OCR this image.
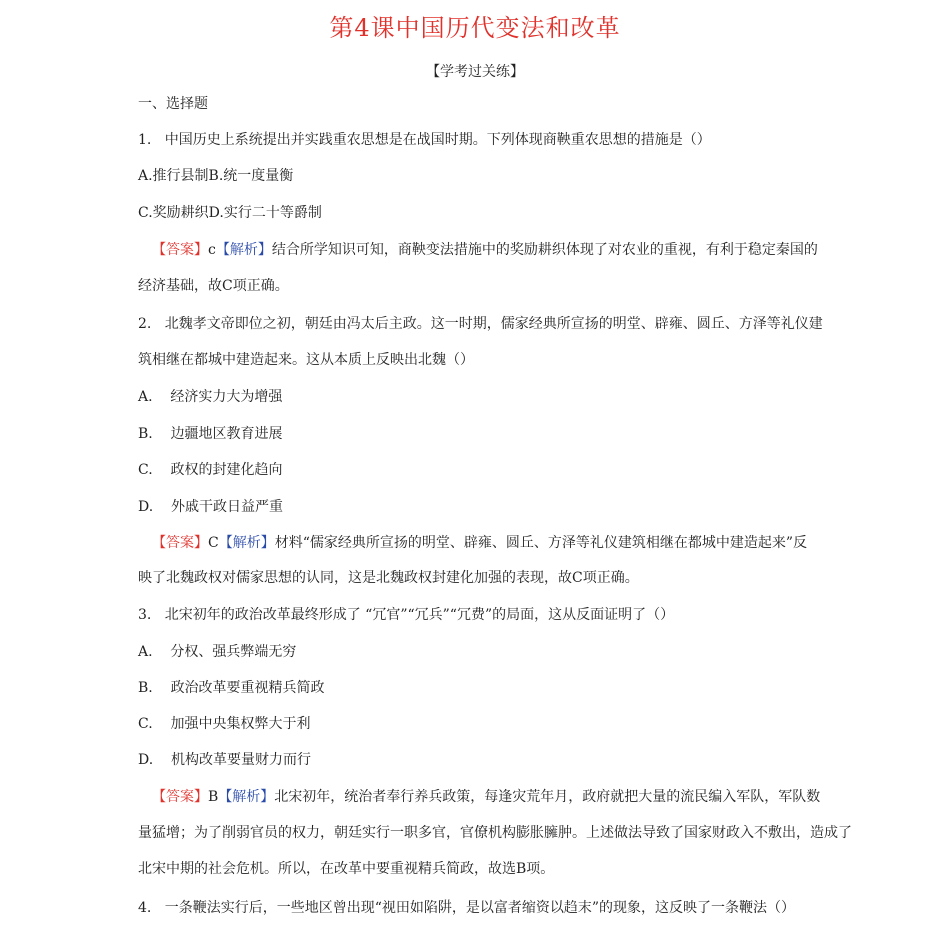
第4课中国历代变法和改革
【学考过关练】
一、选择题
1. 中国历史上系统提出并实践重农思想是在战国时期。下列体现商鞅重农思想的措施是（）
A.推行县制B.统一度量衡
C.奖励耕织D.实行二十等爵制
【答案】c【解析】结合所学知识可知，商鞅变法措施中的奖励耕织体现了对农业的重视，有利于稳定秦国的
经济基础，故C项正确。
2. 北魏孝文帝即位之初，朝廷由冯太后主政。这一时期，儒家经典所宣扬的明堂、辟雍、圆丘、方泽等礼仪建
筑相继在都城中建造起来。这从本质上反映出北魏（）
A. 经济实力大为增强
B. 边疆地区教育进展
C. 政权的封建化趋向
D. 外戚干政日益严重
【答案】C【解析】材料“儒家经典所宣扬的明堂、辟雍、圆丘、方泽等礼仪建筑相继在都城中建造起来”反
映了北魏政权对儒家思想的认同，这是北魏政权封建化加强的表现，故C项正确。
3. 北宋初年的政治改革最终形成了 “冗官”“冗兵”“冗费”的局面，这从反面证明了（）
A. 分权、强兵弊端无穷
B. 政治改革要重视精兵简政
C. 加强中央集权弊大于利
D. 机构改革要量财力而行
【答案】B【解析】北宋初年，统治者奉行养兵政策，每逢灾荒年月，政府就把大量的流民编入军队，军队数
量猛增；为了削弱官员的权力，朝廷实行一职多官，官僚机构膨胀臃肿。上述做法导致了国家财政入不敷出，造成了
北宋中期的社会危机。所以，在改革中要重视精兵简政，故选B项。
4. 一条鞭法实行后，一些地区曾出现“视田如陷阱，是以富者缩资以趋末”的现象，这反映了一条鞭法（）
